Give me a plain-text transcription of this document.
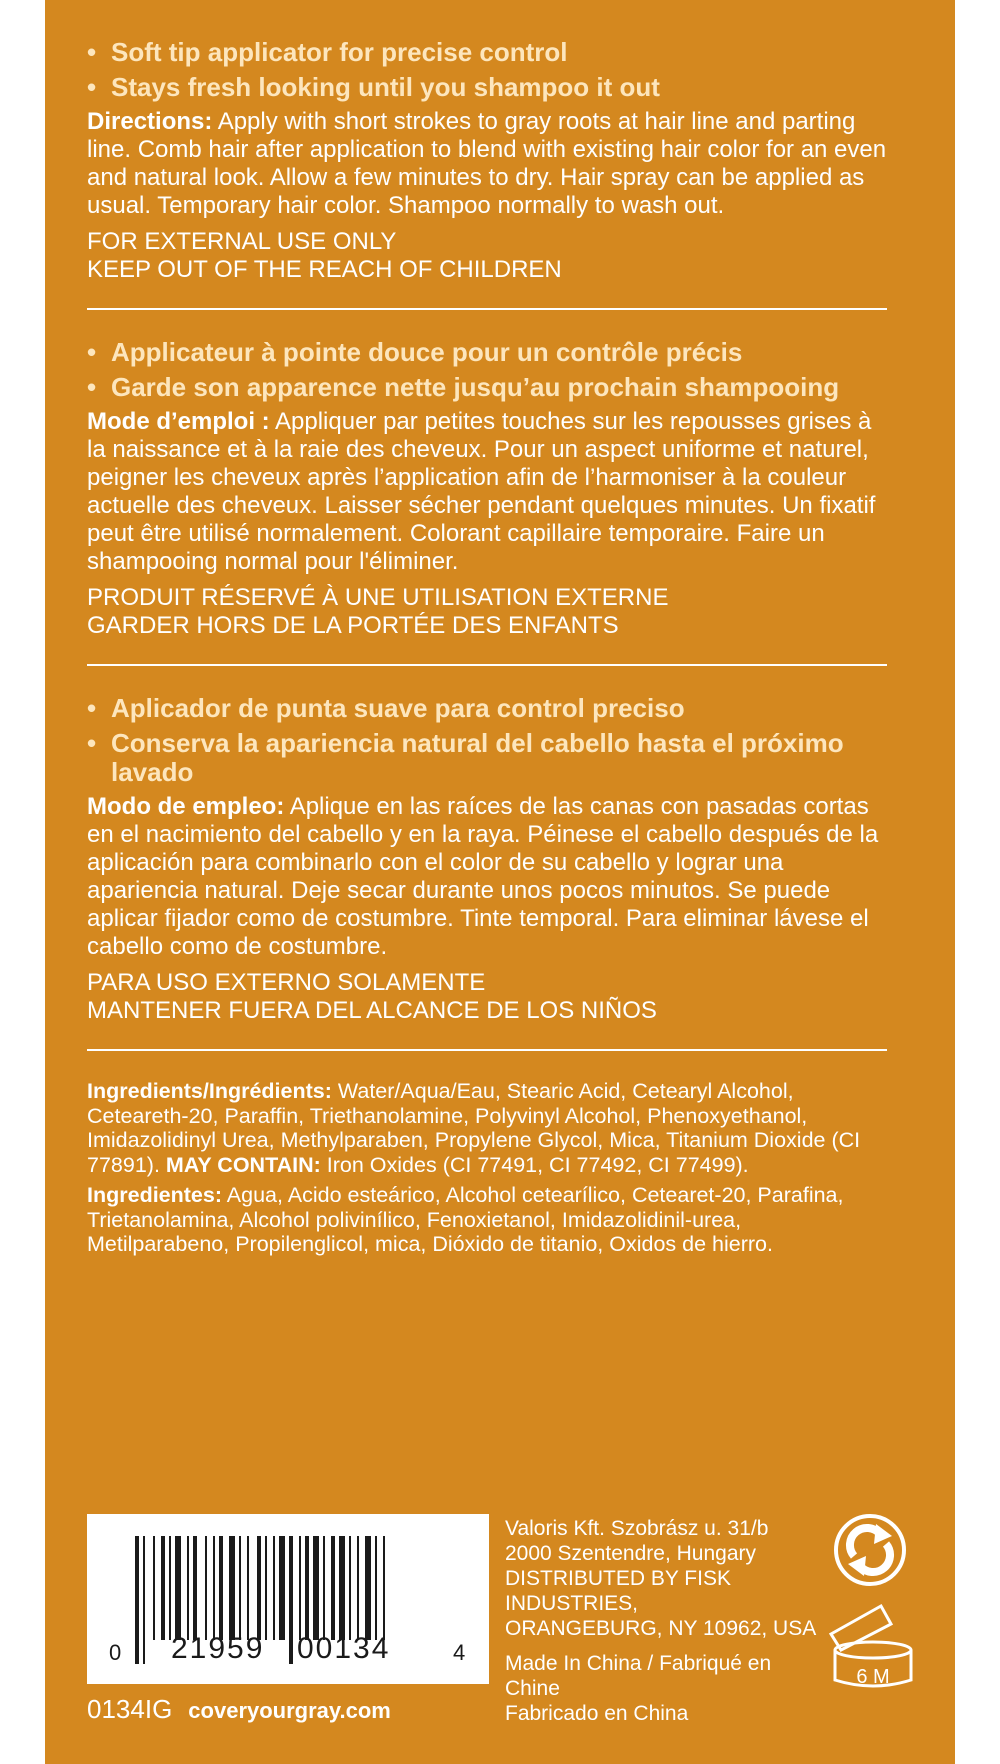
• Soft tip applicator for precise control
• Stays fresh looking until you shampoo it out
Directions: Apply with short strokes to gray roots at hair line and parting line. Comb hair after application to blend with existing hair color for an even and natural look. Allow a few minutes to dry. Hair spray can be applied as usual. Temporary hair color. Shampoo normally to wash out.
FOR EXTERNAL USE ONLY
KEEP OUT OF THE REACH OF CHILDREN
• Applicateur à pointe douce pour un contrôle précis
• Garde son apparence nette jusqu’au prochain shampooing
Mode d’emploi : Appliquer par petites touches sur les repousses grises à la naissance et à la raie des cheveux. Pour un aspect uniforme et naturel, peigner les cheveux après l’application afin de l’harmoniser à la couleur actuelle des cheveux. Laisser sécher pendant quelques minutes. Un fixatif peut être utilisé normalement. Colorant capillaire temporaire. Faire un shampooing normal pour l'éliminer.
PRODUIT RÉSERVÉ À UNE UTILISATION EXTERNE
GARDER HORS DE LA PORTÉE DES ENFANTS
• Aplicador de punta suave para control preciso
• Conserva la apariencia natural del cabello hasta el próximo lavado
Modo de empleo: Aplique en las raíces de las canas con pasadas cortas en el nacimiento del cabello y en la raya. Péinese el cabello después de la aplicación para combinarlo con el color de su cabello y lograr una apariencia natural. Deje secar durante unos pocos minutos. Se puede aplicar fijador como de costumbre. Tinte temporal. Para eliminar lávese el cabello como de costumbre.
PARA USO EXTERNO SOLAMENTE
MANTENER FUERA DEL ALCANCE DE LOS NIÑOS
Ingredients/Ingrédients: Water/Aqua/Eau, Stearic Acid, Cetearyl Alcohol, Ceteareth-20, Paraffin, Triethanolamine, Polyvinyl Alcohol, Phenoxyethanol, Imidazolidinyl Urea, Methylparaben, Propylene Glycol, Mica, Titanium Dioxide (CI 77891). MAY CONTAIN: Iron Oxides (CI 77491, CI 77492, CI 77499).
Ingredientes: Agua, Acido esteárico, Alcohol cetearílico, Cetearet-20, Parafina, Trietanolamina, Alcohol polivinílico, Fenoxietanol, Imidazolidinil-urea, Metilparabeno, Propilenglicol, mica, Dióxido de titanio, Oxidos de hierro.
0 21959 00134	4
Valoris Kft. Szobrász u. 31/b
2000 Szentendre, Hungary
DISTRIBUTED BY FISK INDUSTRIES,
ORANGEBURG, NY 10962, USA
Made In China / Fabriqué en Chine
Fabricado en China
6 M
0134IG coveryourgray.com
